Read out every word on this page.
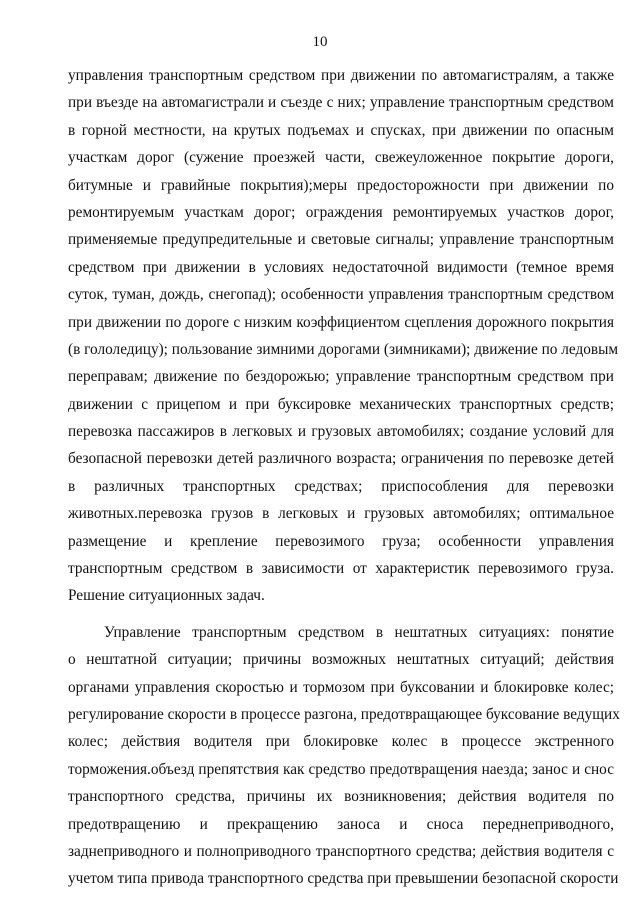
10
управления транспортным средством при движении по автомагистралям, а также
при въезде на автомагистрали и съезде с них; управление транспортным средством
в горной местности, на крутых подъемах и спусках, при движении по опасным
участкам дорог (сужение проезжей части, свежеуложенное покрытие дороги,
битумные и гравийные покрытия);меры предосторожности при движении по
ремонтируемым участкам дорог; ограждения ремонтируемых участков дорог,
применяемые предупредительные и световые сигналы; управление транспортным
средством при движении в условиях недостаточной видимости (темное время
суток, туман, дождь, снегопад); особенности управления транспортным средством
при движении по дороге с низким коэффициентом сцепления дорожного покрытия
(в гололедицу); пользование зимними дорогами (зимниками); движение по ледовым
переправам; движение по бездорожью; управление транспортным средством при
движении с прицепом и при буксировке механических транспортных средств;
перевозка пассажиров в легковых и грузовых автомобилях; создание условий для
безопасной перевозки детей различного возраста; ограничения по перевозке детей
в различных транспортных средствах; приспособления для перевозки
животных.перевозка грузов в легковых и грузовых автомобилях; оптимальное
размещение и крепление перевозимого груза; особенности управления
транспортным средством в зависимости от характеристик перевозимого груза.
Решение ситуационных задач.
Управление транспортным средством в нештатных ситуациях: понятие
о нештатной ситуации; причины возможных нештатных ситуаций; действия
органами управления скоростью и тормозом при буксовании и блокировке колес;
регулирование скорости в процессе разгона, предотвращающее буксование ведущих
колес; действия водителя при блокировке колес в процессе экстренного
торможения.объезд препятствия как средство предотвращения наезда; занос и снос
транспортного средства, причины их возникновения; действия водителя по
предотвращению и прекращению заноса и сноса переднеприводного,
заднеприводного и полноприводного транспортного средства; действия водителя с
учетом типа привода транспортного средства при превышении безопасной скорости
